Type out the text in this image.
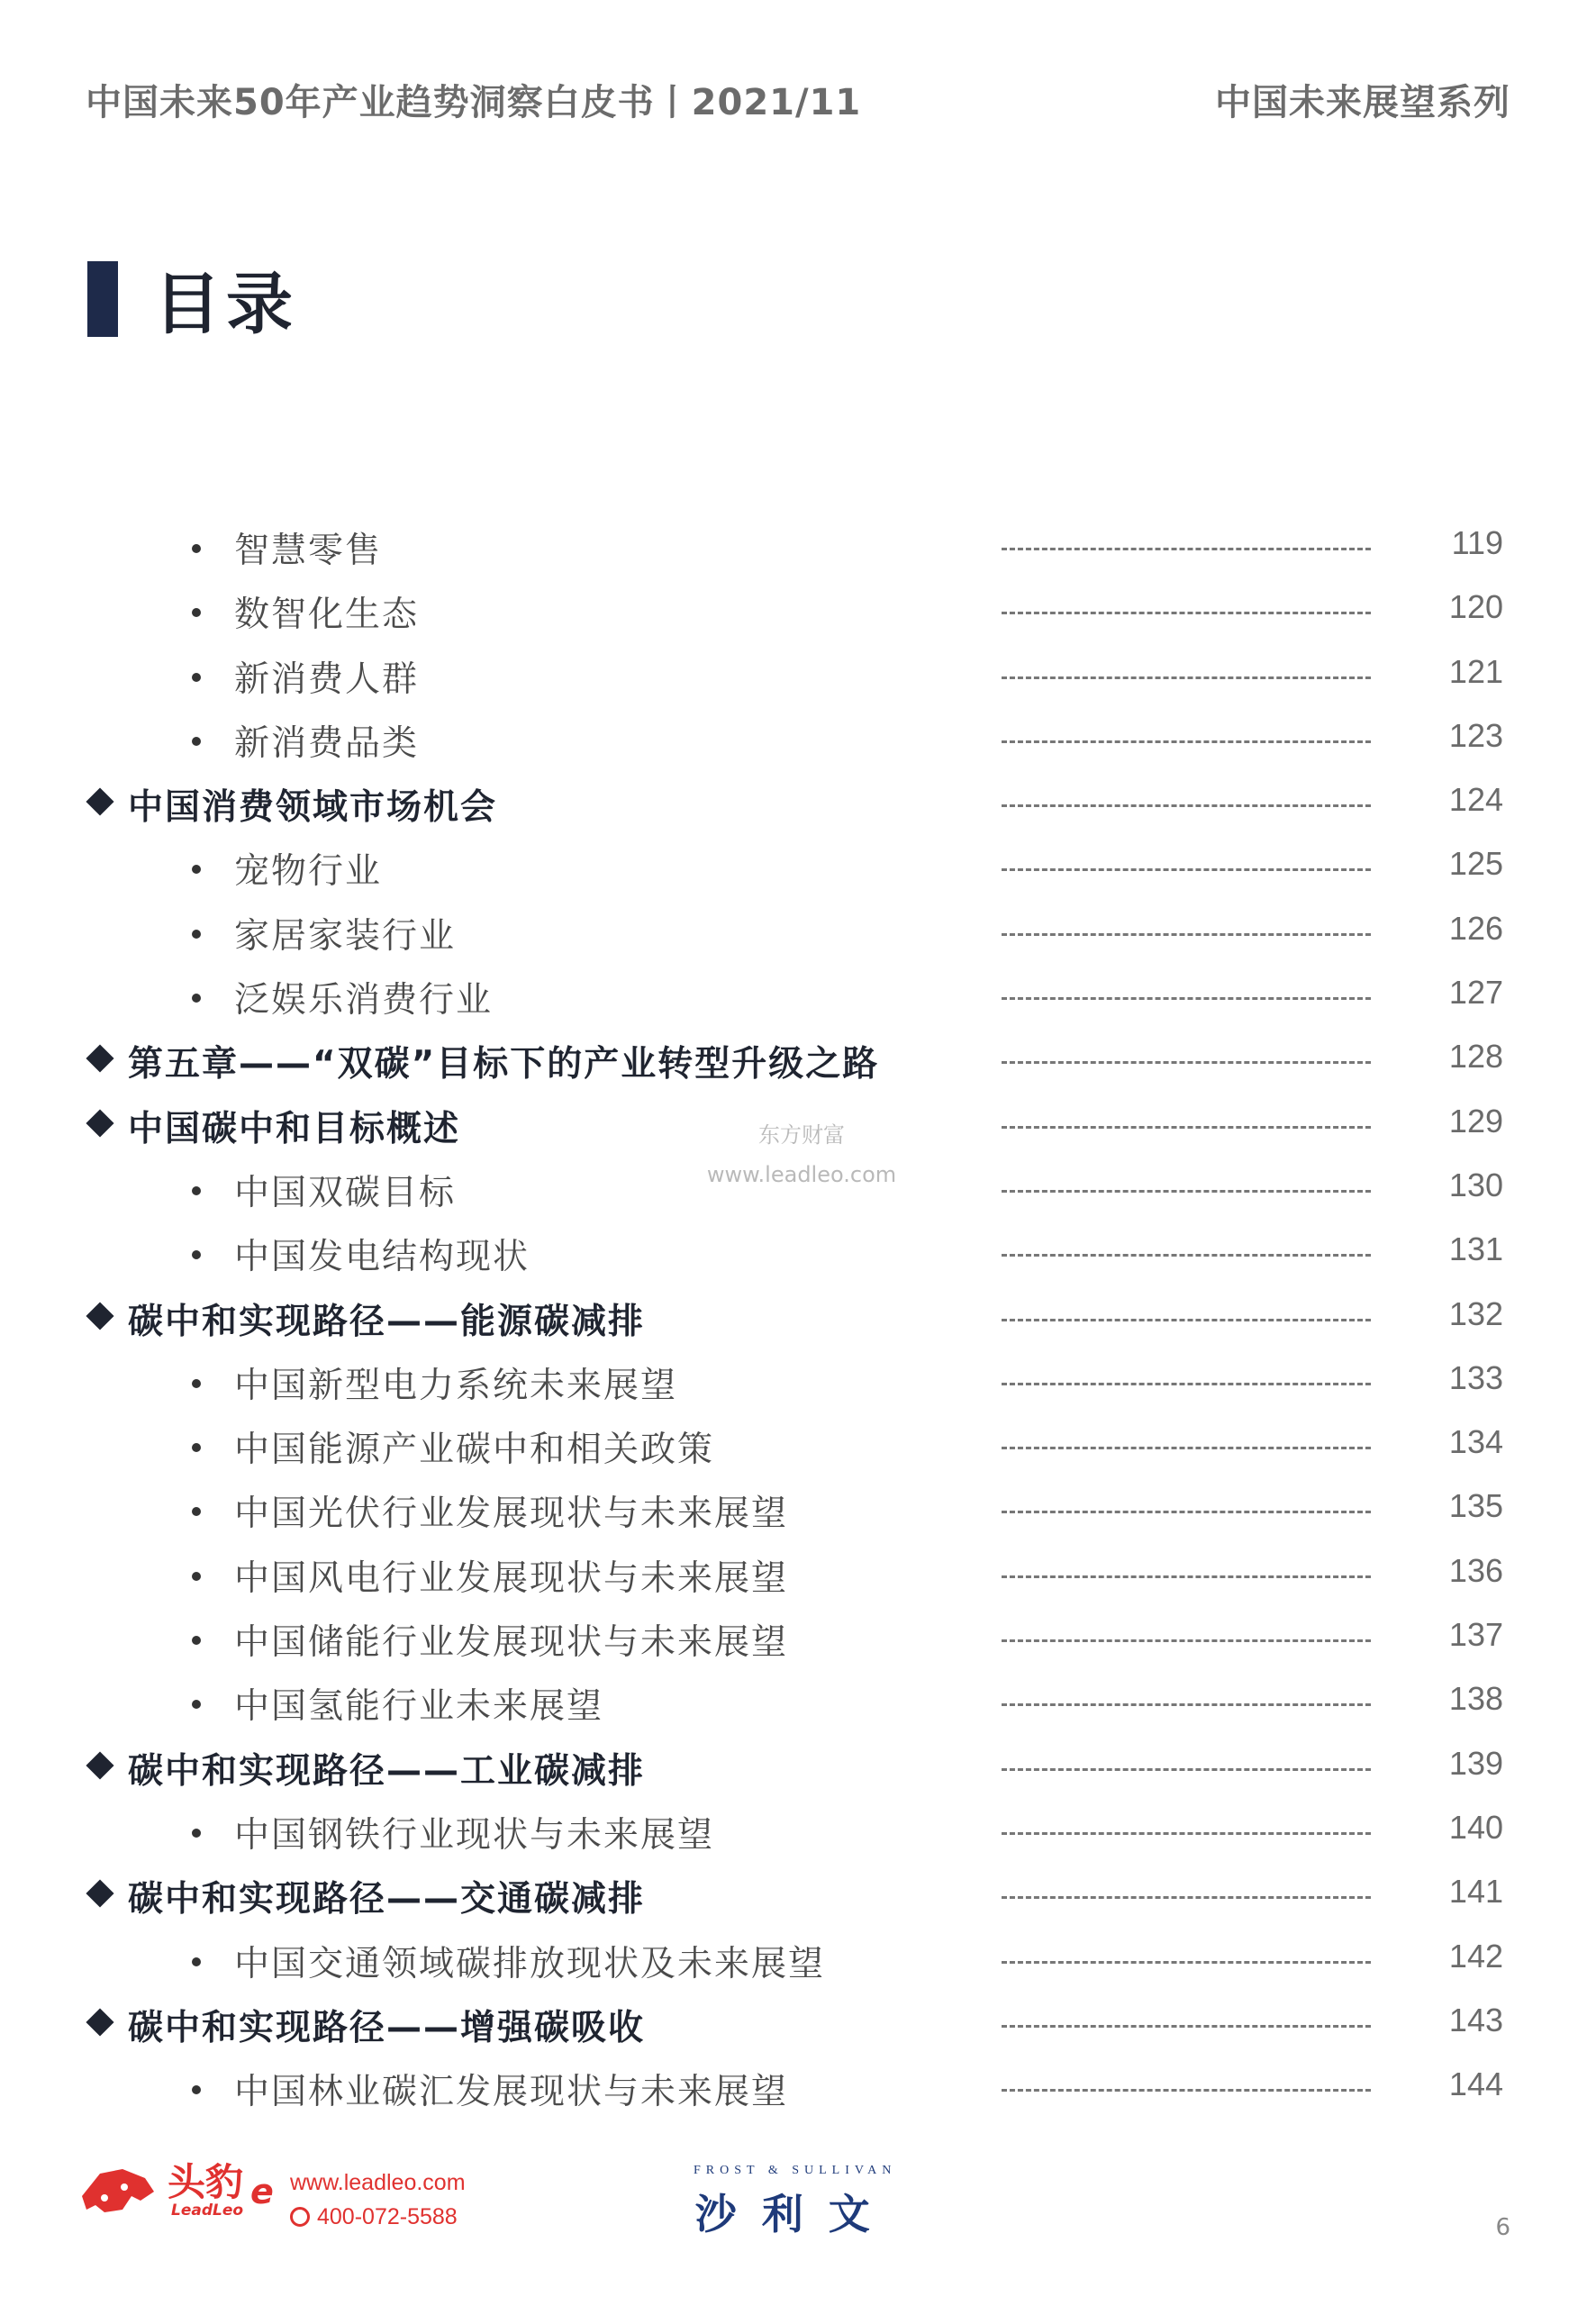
中国未来50年产业趋势洞察白皮书丨2021/11	中国未来展望系列
目录
智慧零售	119
数智化生态	120
新消费人群	121
新消费品类	123
中国消费领域市场机会	124
宠物行业	125
家居家装行业	126
泛娱乐消费行业	127
第五章——“双碳”目标下的产业转型升级之路	128
中国碳中和目标概述	129
中国双碳目标	130
中国发电结构现状	131
碳中和实现路径——能源碳减排	132
中国新型电力系统未来展望	133
中国能源产业碳中和相关政策	134
中国光伏行业发展现状与未来展望	135
中国风电行业发展现状与未来展望	136
中国储能行业发展现状与未来展望	137
中国氢能行业未来展望	138
碳中和实现路径——工业碳减排	139
中国钢铁行业现状与未来展望	140
碳中和实现路径——交通碳减排	141
中国交通领域碳排放现状及未来展望	142
碳中和实现路径——增强碳吸收	143
中国林业碳汇发展现状与未来展望	144
东方财富
www.leadleo.com
头豹
LeadLeo e www.leadleo.com
400-072-5588
FROST & SULLIVAN
沙利文	6
